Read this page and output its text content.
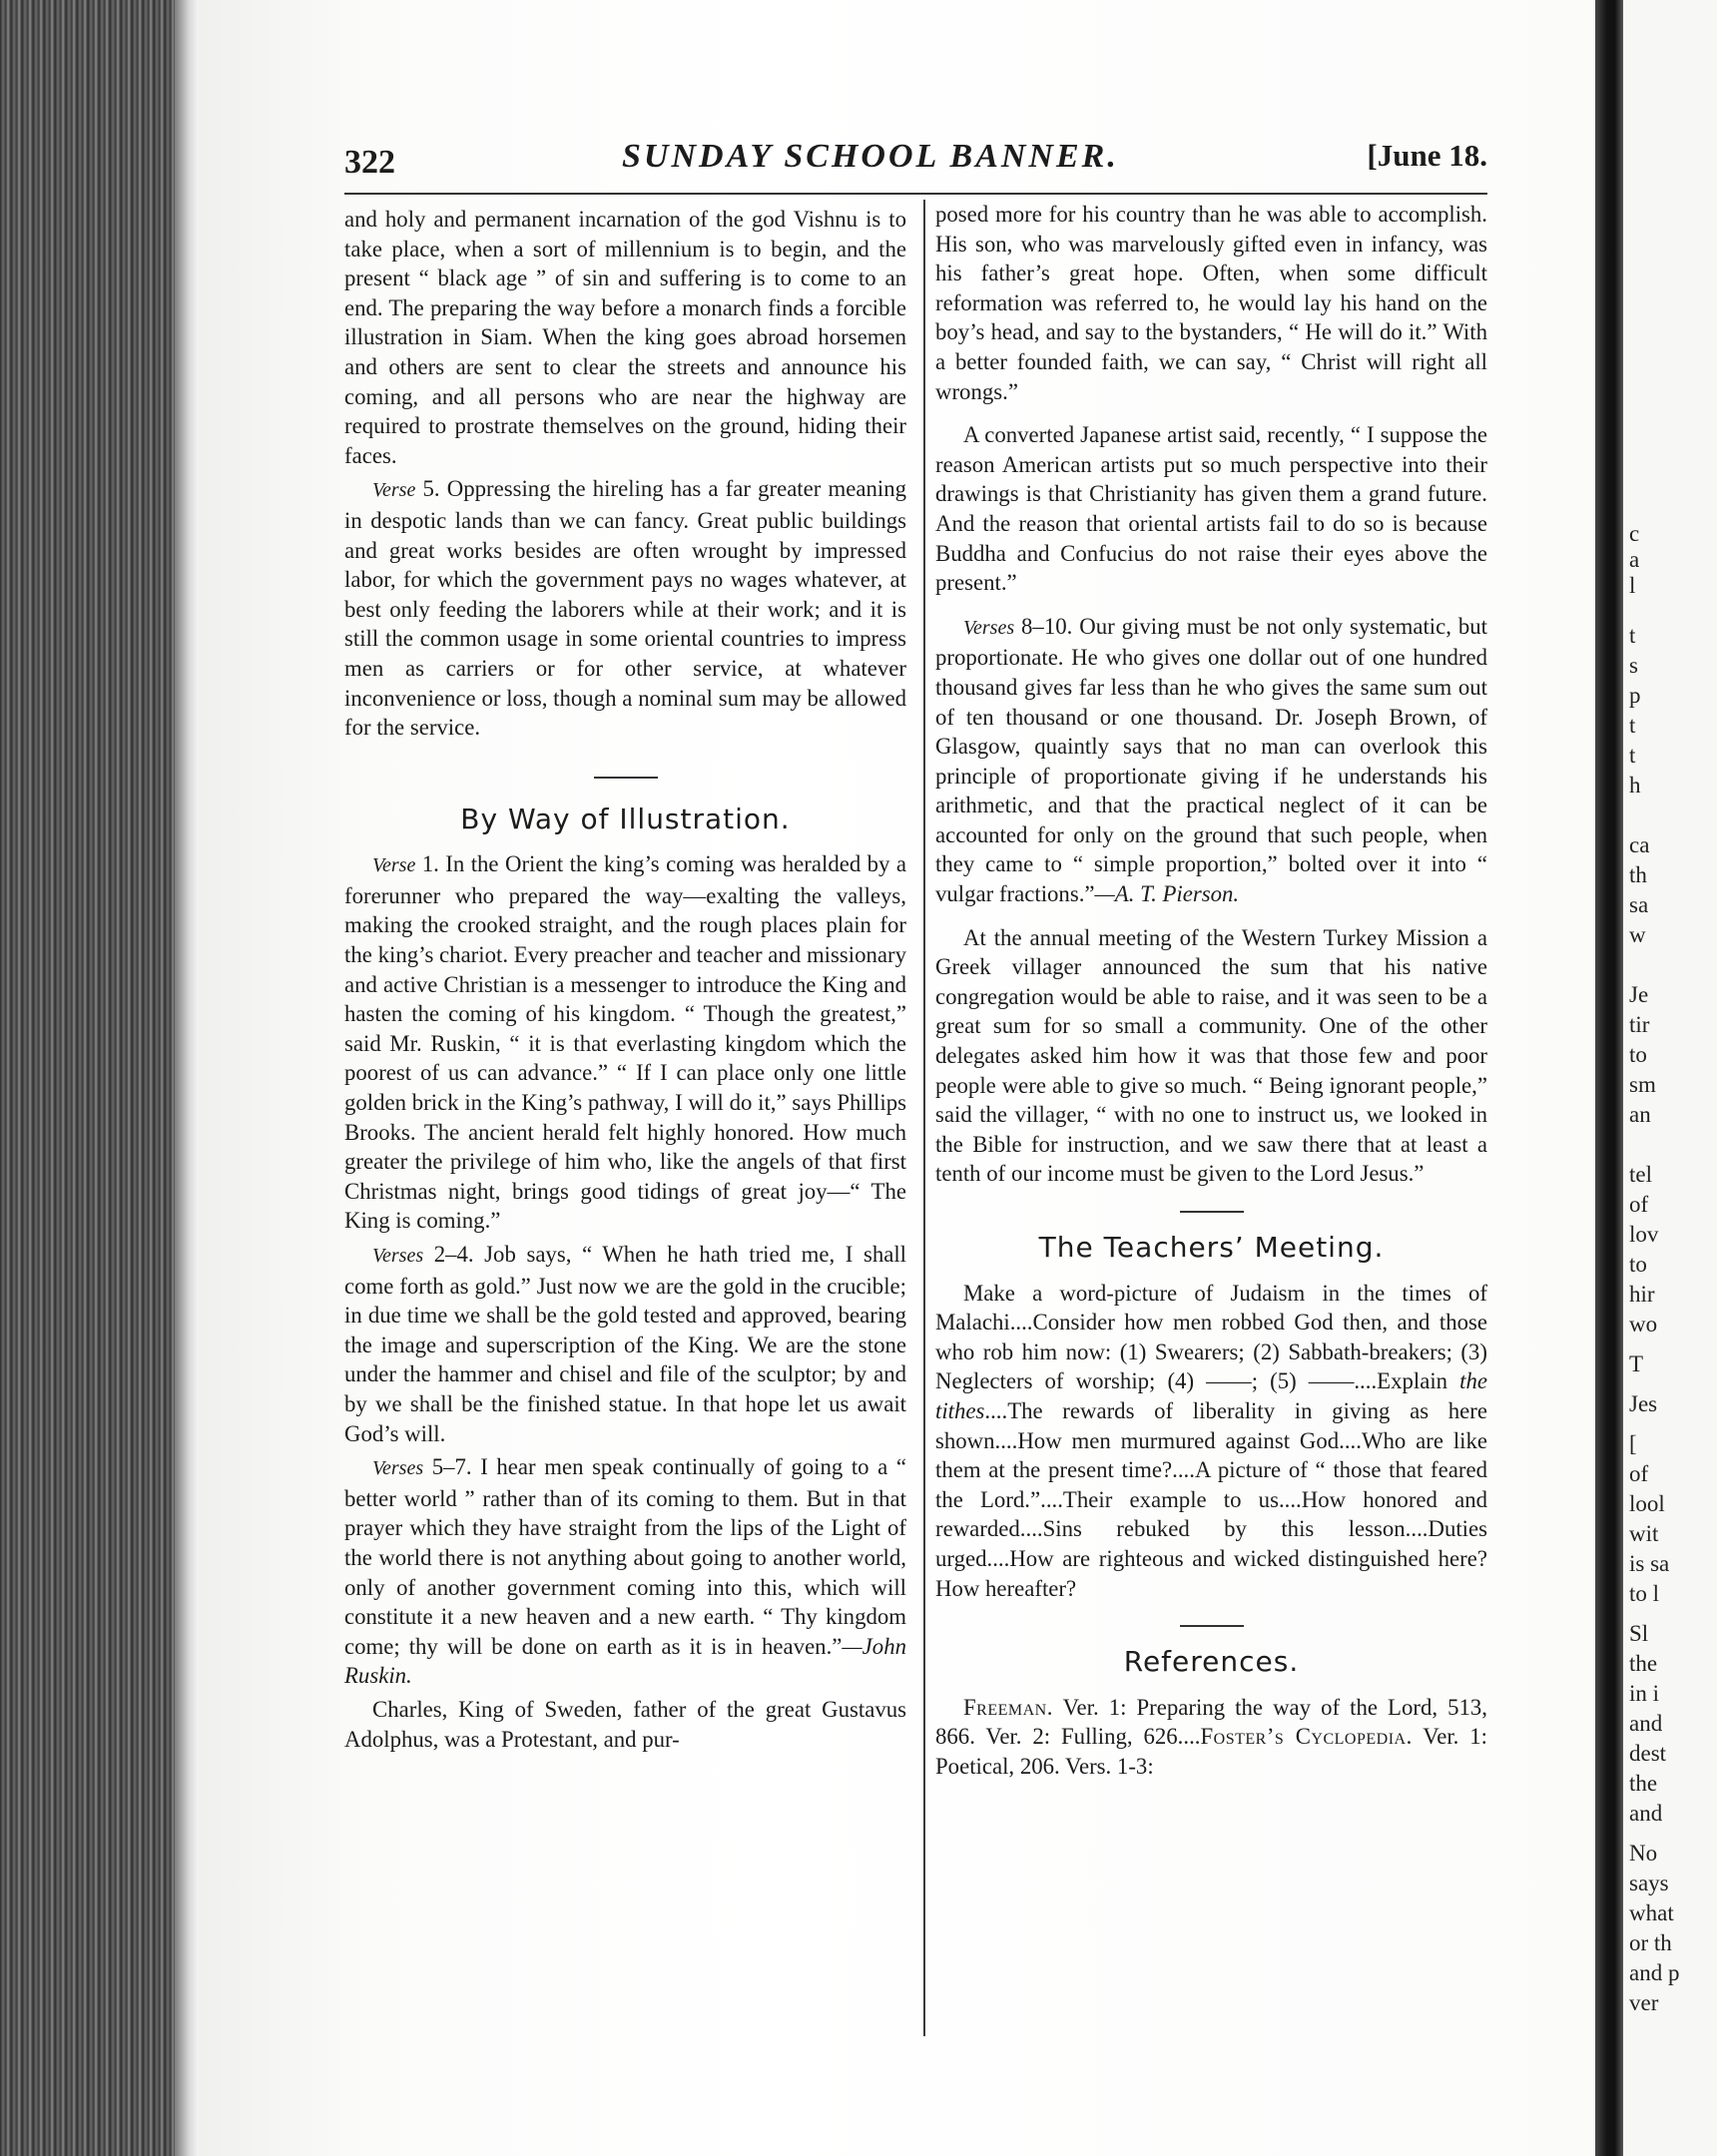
c
a
l
t
s
p
t
t
h
ca
th
sa
w
Je
tir
to
sm
an
tel
of
lov
to
hir
wo
T
Jes
[
of
lool
wit
is sa
to l
Sl
the
in i
and
dest
the
and
No
says
what
or th
and p
ver
322	SUNDAY SCHOOL BANNER.	[June 18.

and holy and permanent incarnation of the god Vishnu is to take place, when a sort of millennium is to begin, and the present “ black age ” of sin and suffering is to come to an end. The preparing the way before a monarch finds a forcible illustration in Siam. When the king goes abroad horsemen and others are sent to clear the streets and announce his coming, and all persons who are near the highway are required to prostrate themselves on the ground, hiding their faces.

Verse 5. Oppressing the hireling has a far greater meaning in despotic lands than we can fancy. Great public buildings and great works besides are often wrought by impressed labor, for which the government pays no wages whatever, at best only feeding the laborers while at their work; and it is still the common usage in some oriental countries to impress men as carriers or for other service, at whatever inconvenience or loss, though a nominal sum may be allowed for the service.

By Way of Illustration.

Verse 1. In the Orient the king’s coming was heralded by a forerunner who prepared the way—exalting the valleys, making the crooked straight, and the rough places plain for the king’s chariot. Every preacher and teacher and missionary and active Christian is a messenger to introduce the King and hasten the coming of his kingdom. “ Though the greatest,” said Mr. Ruskin, “ it is that everlasting kingdom which the poorest of us can advance.” “ If I can place only one little golden brick in the King’s pathway, I will do it,” says Phillips Brooks. The ancient herald felt highly honored. How much greater the privilege of him who, like the angels of that first Christmas night, brings good tidings of great joy—“ The King is coming.”

Verses 2–4. Job says, “ When he hath tried me, I shall come forth as gold.” Just now we are the gold in the crucible; in due time we shall be the gold tested and approved, bearing the image and superscription of the King. We are the stone under the hammer and chisel and file of the sculptor; by and by we shall be the finished statue. In that hope let us await God’s will.

Verses 5–7. I hear men speak continually of going to a “ better world ” rather than of its coming to them. But in that prayer which they have straight from the lips of the Light of the world there is not anything about going to another world, only of another government coming into this, which will constitute it a new heaven and a new earth. “ Thy kingdom come; thy will be done on earth as it is in heaven.”—John Ruskin.

Charles, King of Sweden, father of the great Gustavus Adolphus, was a Protestant, and pur-

posed more for his country than he was able to accomplish. His son, who was marvelously gifted even in infancy, was his father’s great hope. Often, when some difficult reformation was referred to, he would lay his hand on the boy’s head, and say to the bystanders, “ He will do it.” With a better founded faith, we can say, “ Christ will right all wrongs.”

A converted Japanese artist said, recently, “ I suppose the reason American artists put so much perspective into their drawings is that Christianity has given them a grand future. And the reason that oriental artists fail to do so is because Buddha and Confucius do not raise their eyes above the present.”

Verses 8–10. Our giving must be not only systematic, but proportionate. He who gives one dollar out of one hundred thousand gives far less than he who gives the same sum out of ten thousand or one thousand. Dr. Joseph Brown, of Glasgow, quaintly says that no man can overlook this principle of proportionate giving if he understands his arithmetic, and that the practical neglect of it can be accounted for only on the ground that such people, when they came to “ simple proportion,” bolted over it into “ vulgar fractions.”—A. T. Pierson.

At the annual meeting of the Western Turkey Mission a Greek villager announced the sum that his native congregation would be able to raise, and it was seen to be a great sum for so small a community. One of the other delegates asked him how it was that those few and poor people were able to give so much. “ Being ignorant people,” said the villager, “ with no one to instruct us, we looked in the Bible for instruction, and we saw there that at least a tenth of our income must be given to the Lord Jesus.”

The Teachers’ Meeting.

Make a word-picture of Judaism in the times of Malachi....Consider how men robbed God then, and those who rob him now: (1) Swearers; (2) Sabbath-breakers; (3) Neglecters of worship; (4) ——; (5) ——....Explain the tithes....The rewards of liberality in giving as here shown....How men murmured against God....Who are like them at the present time?....A picture of “ those that feared the Lord.”....Their example to us....How honored and rewarded....Sins rebuked by this lesson....Duties urged....How are righteous and wicked distinguished here? How hereafter?

References.

Freeman. Ver. 1: Preparing the way of the Lord, 513, 866. Ver. 2: Fulling, 626....Foster’s Cyclopedia. Ver. 1: Poetical, 206. Vers. 1-3:
